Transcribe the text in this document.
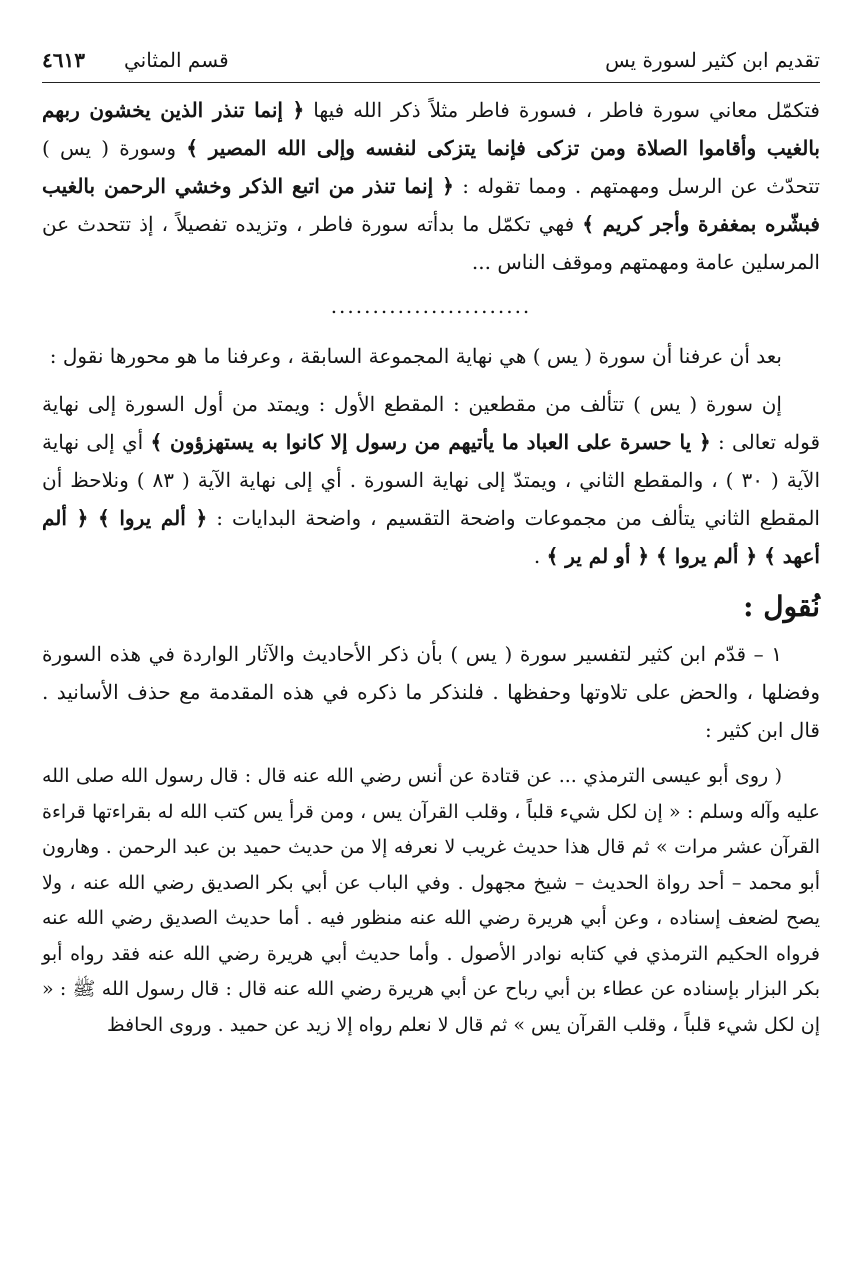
تقديم ابن كثير لسورة يس
قسم المثاني
٤٦١٣

فتكمّل معاني سورة فاطر ، فسورة فاطر مثلاً ذكر الله فيها ﴿ إنما تنذر الذين يخشون ربهم بالغيب وأقاموا الصلاة ومن تزكى فإنما يتزكى لنفسه وإلى الله المصير ﴾ وسورة ( يس ) تتحدّث عن الرسل ومهمتهم . ومما تقوله : ﴿ إنما تنذر من اتبع الذكر وخشي الرحمن بالغيب فبشّره بمغفرة وأجر كريم ﴾ فهي تكمّل ما بدأته سورة فاطر ، وتزيده تفصيلاً ، إذ تتحدث عن المرسلين عامة ومهمتهم وموقف الناس ...

........................

بعد أن عرفنا أن سورة ( يس ) هي نهاية المجموعة السابقة ، وعرفنا ما هو محورها نقول :

إن سورة ( يس ) تتألف من مقطعين : المقطع الأول : ويمتد من أول السورة إلى نهاية قوله تعالى : ﴿ يا حسرة على العباد ما يأتيهم من رسول إلا كانوا به يستهزؤون ﴾ أي إلى نهاية الآية ( ٣٠ ) ، والمقطع الثاني ، ويمتدّ إلى نهاية السورة . أي إلى نهاية الآية ( ٨٣ ) ونلاحظ أن المقطع الثاني يتألف من مجموعات واضحة التقسيم ، واضحة البدايات : ﴿ ألم يروا ﴾ ﴿ ألم أعهد ﴾ ﴿ ألم يروا ﴾ ﴿ أو لم ير ﴾ .

نُقول :

١ – قدّم ابن كثير لتفسير سورة ( يس ) بأن ذكر الأحاديث والآثار الواردة في هذه السورة وفضلها ، والحض على تلاوتها وحفظها . فلنذكر ما ذكره في هذه المقدمة مع حذف الأسانيد . قال ابن كثير :

( روى أبو عيسى الترمذي ... عن قتادة عن أنس رضي الله عنه قال : قال رسول الله صلى الله عليه وآله وسلم : « إن لكل شيء قلباً ، وقلب القرآن يس ، ومن قرأ يس كتب الله له بقراءتها قراءة القرآن عشر مرات » ثم قال هذا حديث غريب لا نعرفه إلا من حديث حميد بن عبد الرحمن . وهارون أبو محمد – أحد رواة الحديث – شيخ مجهول . وفي الباب عن أبي بكر الصديق رضي الله عنه ، ولا يصح لضعف إسناده ، وعن أبي هريرة رضي الله عنه منظور فيه . أما حديث الصديق رضي الله عنه فرواه الحكيم الترمذي في كتابه نوادر الأصول . وأما حديث أبي هريرة رضي الله عنه فقد رواه أبو بكر البزار بإسناده عن عطاء بن أبي رباح عن أبي هريرة رضي الله عنه قال : قال رسول الله ﷺ : « إن لكل شيء قلباً ، وقلب القرآن يس » ثم قال لا نعلم رواه إلا زيد عن حميد . وروى الحافظ
